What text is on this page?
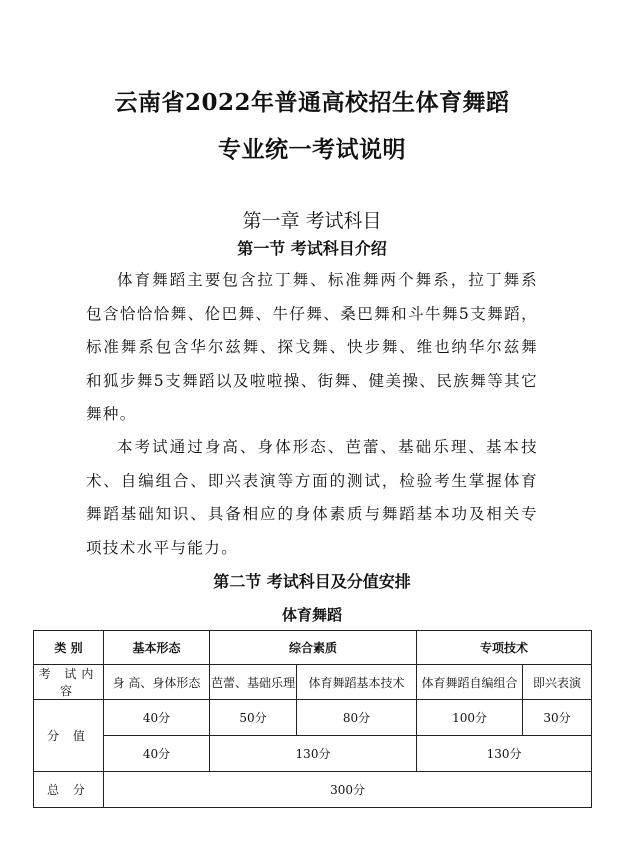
云南省2022年普通高校招生体育舞蹈
专业统一考试说明
第一章 考试科目
第一节 考试科目介绍
体育舞蹈主要包含拉丁舞、标准舞两个舞系，拉丁舞系包含恰恰恰舞、伦巴舞、牛仔舞、桑巴舞和斗牛舞5支舞蹈，标准舞系包含华尔兹舞、探戈舞、快步舞、维也纳华尔兹舞和狐步舞5支舞蹈以及啦啦操、街舞、健美操、民族舞等其它舞种。
本考试通过身高、身体形态、芭蕾、基础乐理、基本技术、自编组合、即兴表演等方面的测试，检验考生掌握体育舞蹈基础知识、具备相应的身体素质与舞蹈基本功及相关专项技术水平与能力。
第二节 考试科目及分值安排
体育舞蹈
类 别	基本形态	综合素质		专项技术	
考 试内 容	身 高、身体形态	芭蕾、基础乐理	体育舞蹈基本技术	体育舞蹈自编组合	即兴表演
分 值	40分	50分	80分	100分	30分
	40分	130分		130分	
总 分	300分				
